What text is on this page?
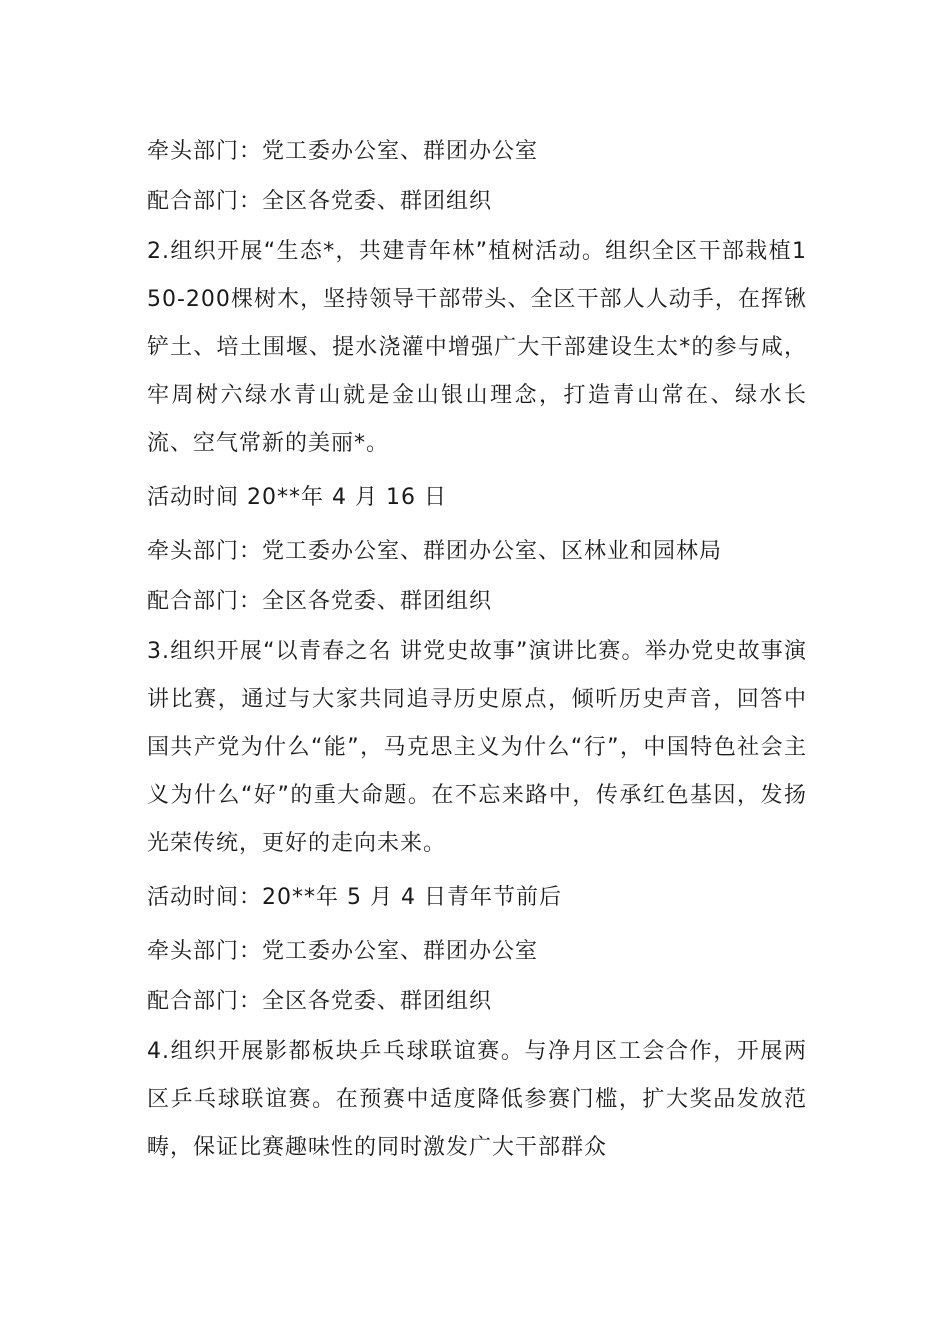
牵头部门：党工委办公室、群团办公室
配合部门：全区各党委、群团组织
2.组织开展“生态*，共建青年林”植树活动。组织全区干部栽植150-200棵树木，坚持领导干部带头、全区干部人人动手，在挥锹铲土、培土围堰、提水浇灌中增强广大干部建设生太*的参与咸，牢周树六绿水青山就是金山银山理念，打造青山常在、绿水长流、空气常新的美丽*。
活动时间 20**年 4 月 16 日
牵头部门：党工委办公室、群团办公室、区林业和园林局
配合部门：全区各党委、群团组织
3.组织开展“以青春之名 讲党史故事”演讲比赛。举办党史故事演讲比赛，通过与大家共同追寻历史原点，倾听历史声音，回答中国共产党为什么“能”，马克思主义为什么“行”，中国特色社会主义为什么“好”的重大命题。在不忘来路中，传承红色基因，发扬光荣传统，更好的走向未来。
活动时间：20**年 5 月 4 日青年节前后
牵头部门：党工委办公室、群团办公室
配合部门：全区各党委、群团组织
4.组织开展影都板块乒乓球联谊赛。与净月区工会合作，开展两区乒乓球联谊赛。在预赛中适度降低参赛门槛，扩大奖品发放范畴，保证比赛趣味性的同时激发广大干部群众
